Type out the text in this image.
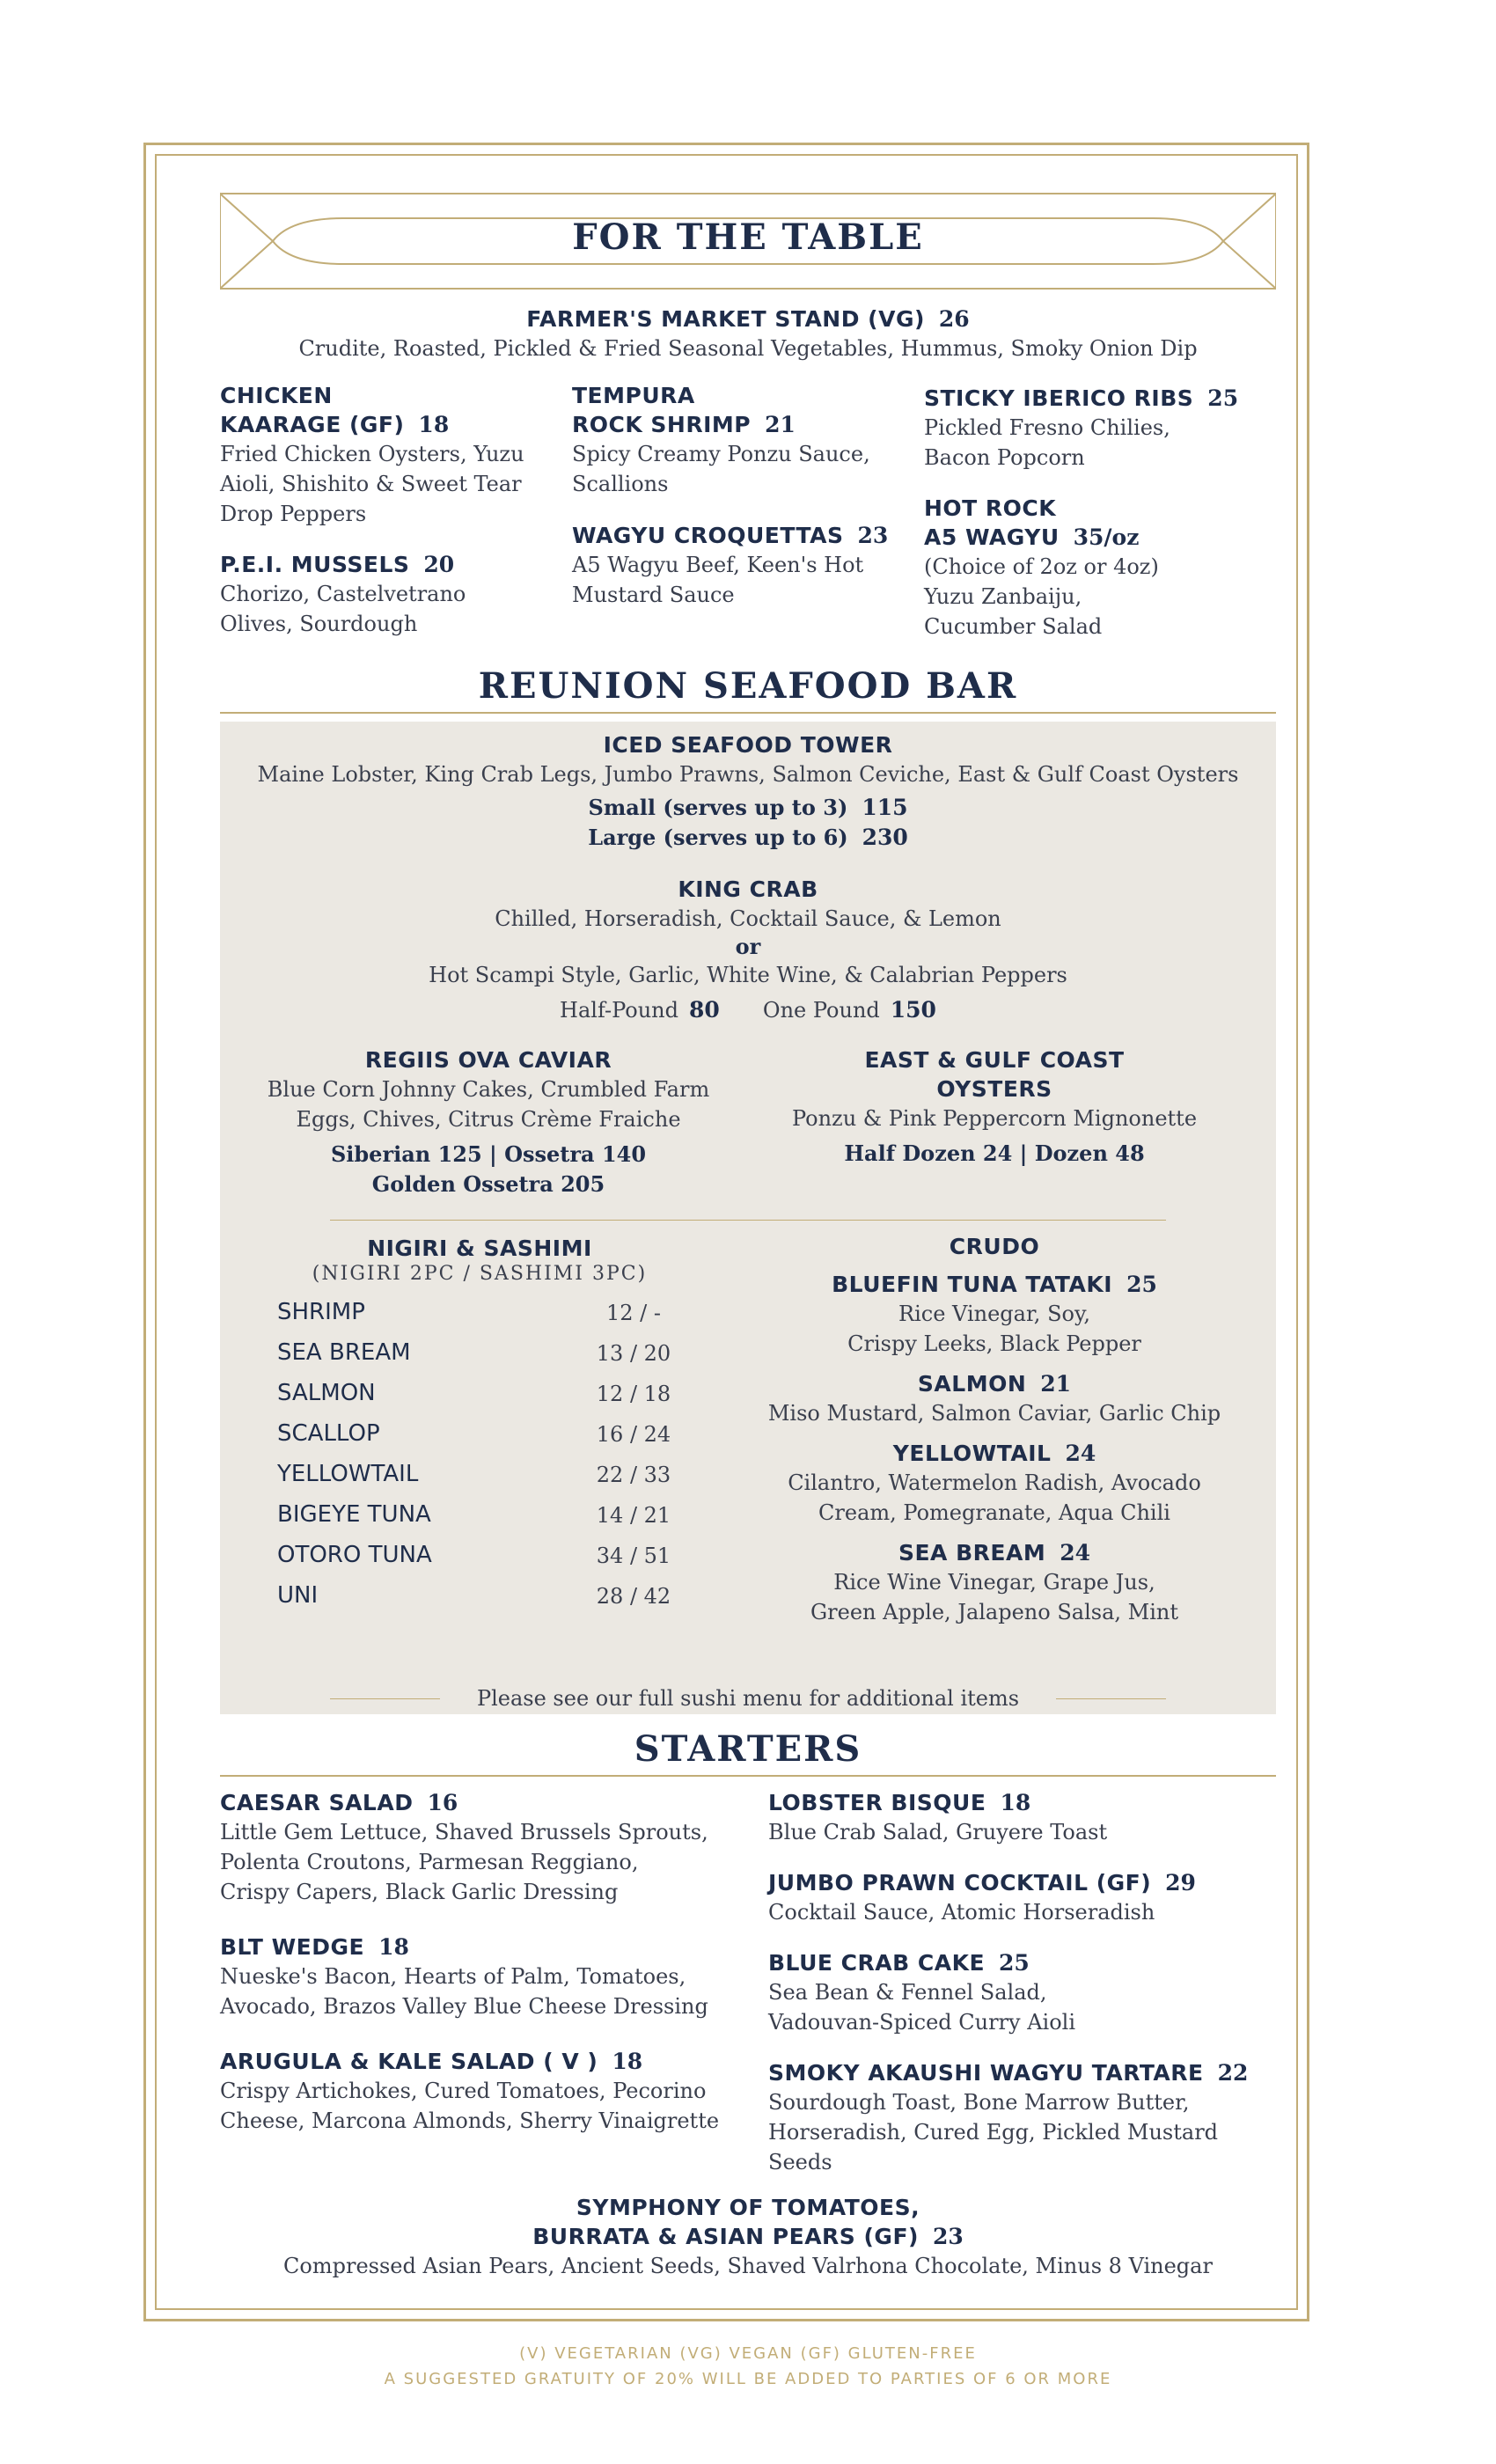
FOR THE TABLE
FARMER'S MARKET STAND (VG) 26
Crudite, Roasted, Pickled & Fried Seasonal Vegetables, Hummus, Smoky Onion Dip
CHICKEN
KAARAGE (GF) 18
Fried Chicken Oysters, Yuzu
Aioli, Shishito & Sweet Tear
Drop Peppers
P.E.I. MUSSELS 20
Chorizo, Castelvetrano
Olives, Sourdough
TEMPURA
ROCK SHRIMP 21
Spicy Creamy Ponzu Sauce,
Scallions
WAGYU CROQUETTAS 23
A5 Wagyu Beef, Keen's Hot
Mustard Sauce
STICKY IBERICO RIBS 25
Pickled Fresno Chilies,
Bacon Popcorn
HOT ROCK
A5 WAGYU 35/oz
(Choice of 2oz or 4oz)
Yuzu Zanbaiju,
Cucumber Salad
REUNION SEAFOOD BAR
ICED SEAFOOD TOWER
Maine Lobster, King Crab Legs, Jumbo Prawns, Salmon Ceviche, East & Gulf Coast Oysters
Small (serves up to 3) 115
Large (serves up to 6) 230
KING CRAB
Chilled, Horseradish, Cocktail Sauce, & Lemon
or
Hot Scampi Style, Garlic, White Wine, & Calabrian Peppers
Half-Pound 80 One Pound 150
REGIIS OVA CAVIAR
Blue Corn Johnny Cakes, Crumbled Farm
Eggs, Chives, Citrus Crème Fraiche
Siberian 125 | Ossetra 140
Golden Ossetra 205
EAST & GULF COAST
OYSTERS
Ponzu & Pink Peppercorn Mignonette
Half Dozen 24 | Dozen 48
NIGIRI & SASHIMI
(NIGIRI 2PC / SASHIMI 3PC)
SHRIMP	12 / -
SEA BREAM	13 / 20
SALMON	12 / 18
SCALLOP	16 / 24
YELLOWTAIL	22 / 33
BIGEYE TUNA	14 / 21
OTORO TUNA	34 / 51
UNI	28 / 42
CRUDO
BLUEFIN TUNA TATAKI 25
Rice Vinegar, Soy,
Crispy Leeks, Black Pepper
SALMON 21
Miso Mustard, Salmon Caviar, Garlic Chip
YELLOWTAIL 24
Cilantro, Watermelon Radish, Avocado
Cream, Pomegranate, Aqua Chili
SEA BREAM 24
Rice Wine Vinegar, Grape Jus,
Green Apple, Jalapeno Salsa, Mint
Please see our full sushi menu for additional items
STARTERS
CAESAR SALAD 16
Little Gem Lettuce, Shaved Brussels Sprouts,
Polenta Croutons, Parmesan Reggiano,
Crispy Capers, Black Garlic Dressing
BLT WEDGE 18
Nueske's Bacon, Hearts of Palm, Tomatoes,
Avocado, Brazos Valley Blue Cheese Dressing
ARUGULA & KALE SALAD ( V ) 18
Crispy Artichokes, Cured Tomatoes, Pecorino
Cheese, Marcona Almonds, Sherry Vinaigrette
LOBSTER BISQUE 18
Blue Crab Salad, Gruyere Toast
JUMBO PRAWN COCKTAIL (GF) 29
Cocktail Sauce, Atomic Horseradish
BLUE CRAB CAKE 25
Sea Bean & Fennel Salad,
Vadouvan-Spiced Curry Aioli
SMOKY AKAUSHI WAGYU TARTARE 22
Sourdough Toast, Bone Marrow Butter,
Horseradish, Cured Egg, Pickled Mustard
Seeds
SYMPHONY OF TOMATOES,
BURRATA & ASIAN PEARS (GF) 23
Compressed Asian Pears, Ancient Seeds, Shaved Valrhona Chocolate, Minus 8 Vinegar
(V) VEGETARIAN (VG) VEGAN (GF) GLUTEN-FREE
A SUGGESTED GRATUITY OF 20% WILL BE ADDED TO PARTIES OF 6 OR MORE
